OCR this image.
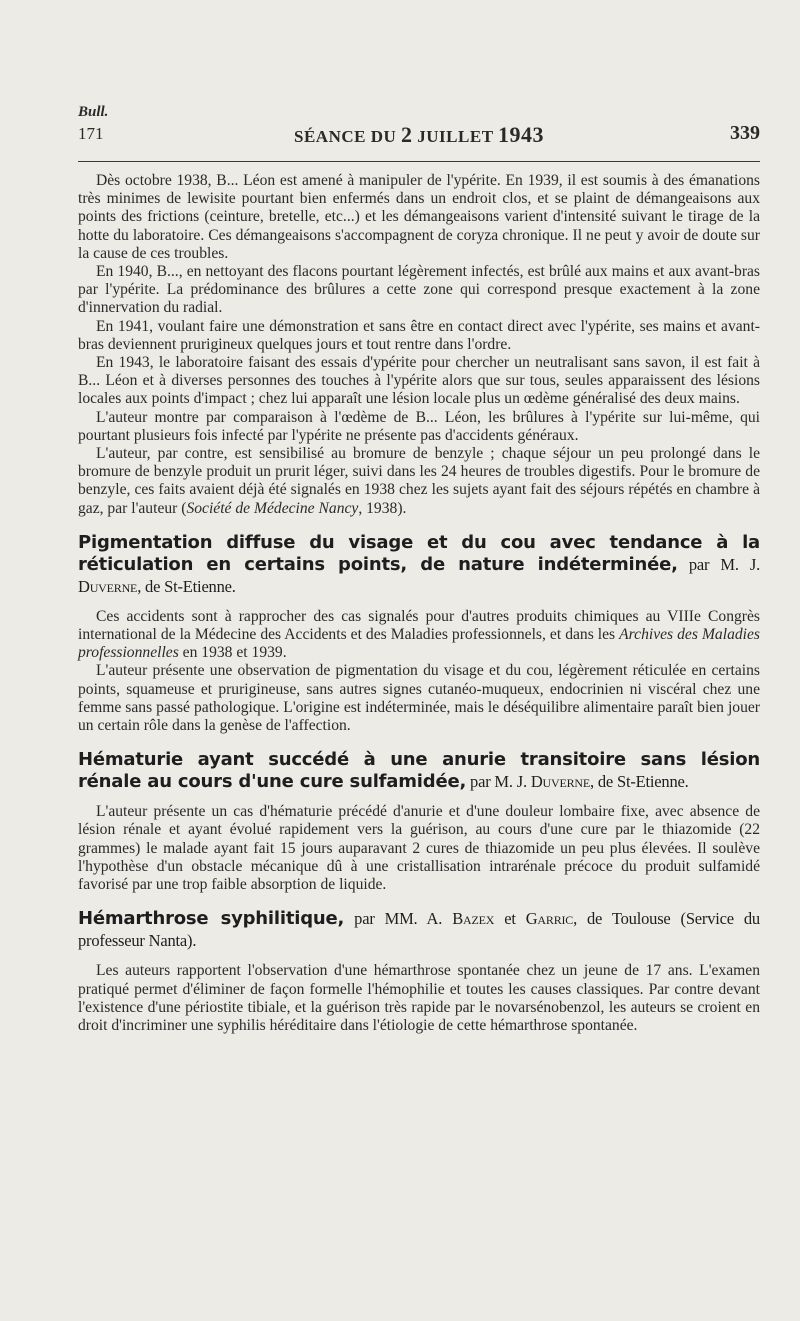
Bull.
171	SÉANCE DU 2 JUILLET 1943	339

Dès octobre 1938, B... Léon est amené à manipuler de l'ypérite. En 1939, il est soumis à des émanations très minimes de lewisite pourtant bien enfermés dans un endroit clos, et se plaint de démangeaisons aux points des frictions (ceinture, bretelle, etc...) et les démangeaisons varient d'intensité suivant le tirage de la hotte du laboratoire. Ces démangeaisons s'accompagnent de coryza chronique. Il ne peut y avoir de doute sur la cause de ces troubles.

En 1940, B..., en nettoyant des flacons pourtant légèrement infectés, est brûlé aux mains et aux avant-bras par l'ypérite. La prédominance des brûlures a cette zone qui correspond presque exactement à la zone d'innervation du radial.

En 1941, voulant faire une démonstration et sans être en contact direct avec l'ypérite, ses mains et avant-bras deviennent prurigineux quelques jours et tout rentre dans l'ordre.

En 1943, le laboratoire faisant des essais d'ypérite pour chercher un neutralisant sans savon, il est fait à B... Léon et à diverses personnes des touches à l'ypérite alors que sur tous, seules apparaissent des lésions locales aux points d'impact ; chez lui apparaît une lésion locale plus un œdème généralisé des deux mains.

L'auteur montre par comparaison à l'œdème de B... Léon, les brûlures à l'ypérite sur lui-même, qui pourtant plusieurs fois infecté par l'ypérite ne présente pas d'accidents généraux.

L'auteur, par contre, est sensibilisé au bromure de benzyle ; chaque séjour un peu prolongé dans le bromure de benzyle produit un prurit léger, suivi dans les 24 heures de troubles digestifs. Pour le bromure de benzyle, ces faits avaient déjà été signalés en 1938 chez les sujets ayant fait des séjours répétés en chambre à gaz, par l'auteur (Société de Médecine Nancy, 1938).

Pigmentation diffuse du visage et du cou avec tendance à la réticulation en certains points, de nature indéterminée, par M. J. Duverne, de St-Etienne.

Ces accidents sont à rapprocher des cas signalés pour d'autres produits chimiques au VIIIe Congrès international de la Médecine des Accidents et des Maladies professionnels, et dans les Archives des Maladies professionnelles en 1938 et 1939.

L'auteur présente une observation de pigmentation du visage et du cou, légèrement réticulée en certains points, squameuse et prurigineuse, sans autres signes cutanéo-muqueux, endocrinien ni viscéral chez une femme sans passé pathologique. L'origine est indéterminée, mais le déséquilibre alimentaire paraît bien jouer un certain rôle dans la genèse de l'affection.

Hématurie ayant succédé à une anurie transitoire sans lésion rénale au cours d'une cure sulfamidée, par M. J. Duverne, de St-Etienne.

L'auteur présente un cas d'hématurie précédé d'anurie et d'une douleur lombaire fixe, avec absence de lésion rénale et ayant évolué rapidement vers la guérison, au cours d'une cure par le thiazomide (22 grammes) le malade ayant fait 15 jours auparavant 2 cures de thiazomide un peu plus élevées. Il soulève l'hypothèse d'un obstacle mécanique dû à une cristallisation intrarénale précoce du produit sulfamidé favorisé par une trop faible absorption de liquide.

Hémarthrose syphilitique, par MM. A. Bazex et Garric, de Toulouse (Service du professeur Nanta).

Les auteurs rapportent l'observation d'une hémarthrose spontanée chez un jeune de 17 ans. L'examen pratiqué permet d'éliminer de façon formelle l'hémophilie et toutes les causes classiques. Par contre devant l'existence d'une périostite tibiale, et la guérison très rapide par le novarsénobenzol, les auteurs se croient en droit d'incriminer une syphilis héréditaire dans l'étiologie de cette hémarthrose spontanée.
